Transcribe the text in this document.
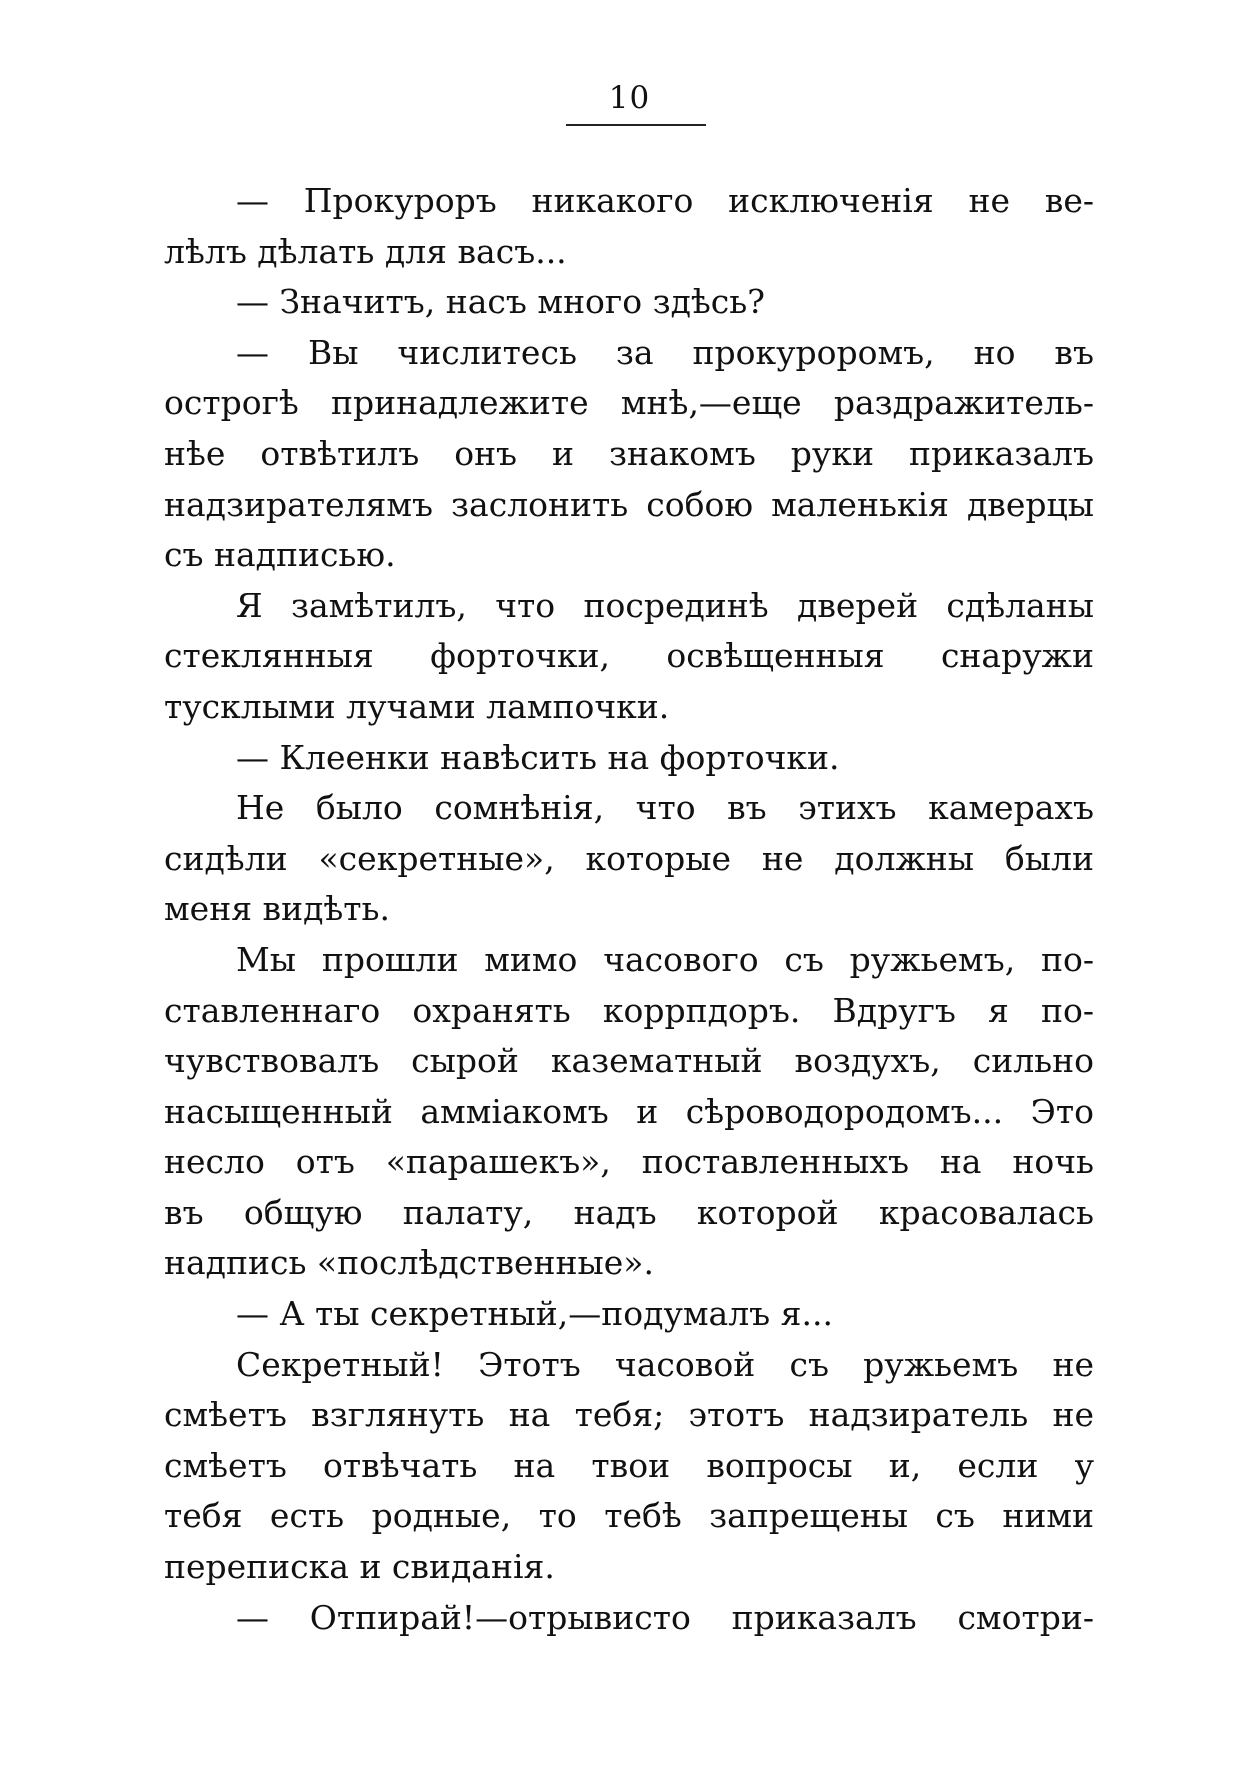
10
— Прокуроръ никакого исключенія не ве-
лѣлъ дѣлать для васъ...
— Значитъ, насъ много здѣсь?
— Вы числитесь за прокуроромъ, но въ
острогѣ принадлежите мнѣ,—еще раздражитель-
нѣе отвѣтилъ онъ и знакомъ руки приказалъ
надзирателямъ заслонить собою маленькія дверцы
съ надписью.
Я замѣтилъ, что посрединѣ дверей сдѣланы
стеклянныя форточки, освѣщенныя снаружи
тусклыми лучами лампочки.
— Клеенки навѣсить на форточки.
Не было сомнѣнія, что въ этихъ камерахъ
сидѣли «секретные», которые не должны были
меня видѣть.
Мы прошли мимо часового съ ружьемъ, по-
ставленнаго охранять коррпдоръ. Вдругъ я по-
чувствовалъ сырой казематный воздухъ, сильно
насыщенный амміакомъ и сѣроводородомъ... Это
несло отъ «парашекъ», поставленныхъ на ночь
въ общую палату, надъ которой красовалась
надпись «послѣдственные».
— А ты секретный,—подумалъ я...
Секретный! Этотъ часовой съ ружьемъ не
смѣетъ взглянуть на тебя; этотъ надзиратель не
смѣетъ отвѣчать на твои вопросы и, если у
тебя есть родные, то тебѣ запрещены съ ними
переписка и свиданія.
— Отпирай!—отрывисто приказалъ смотри-
